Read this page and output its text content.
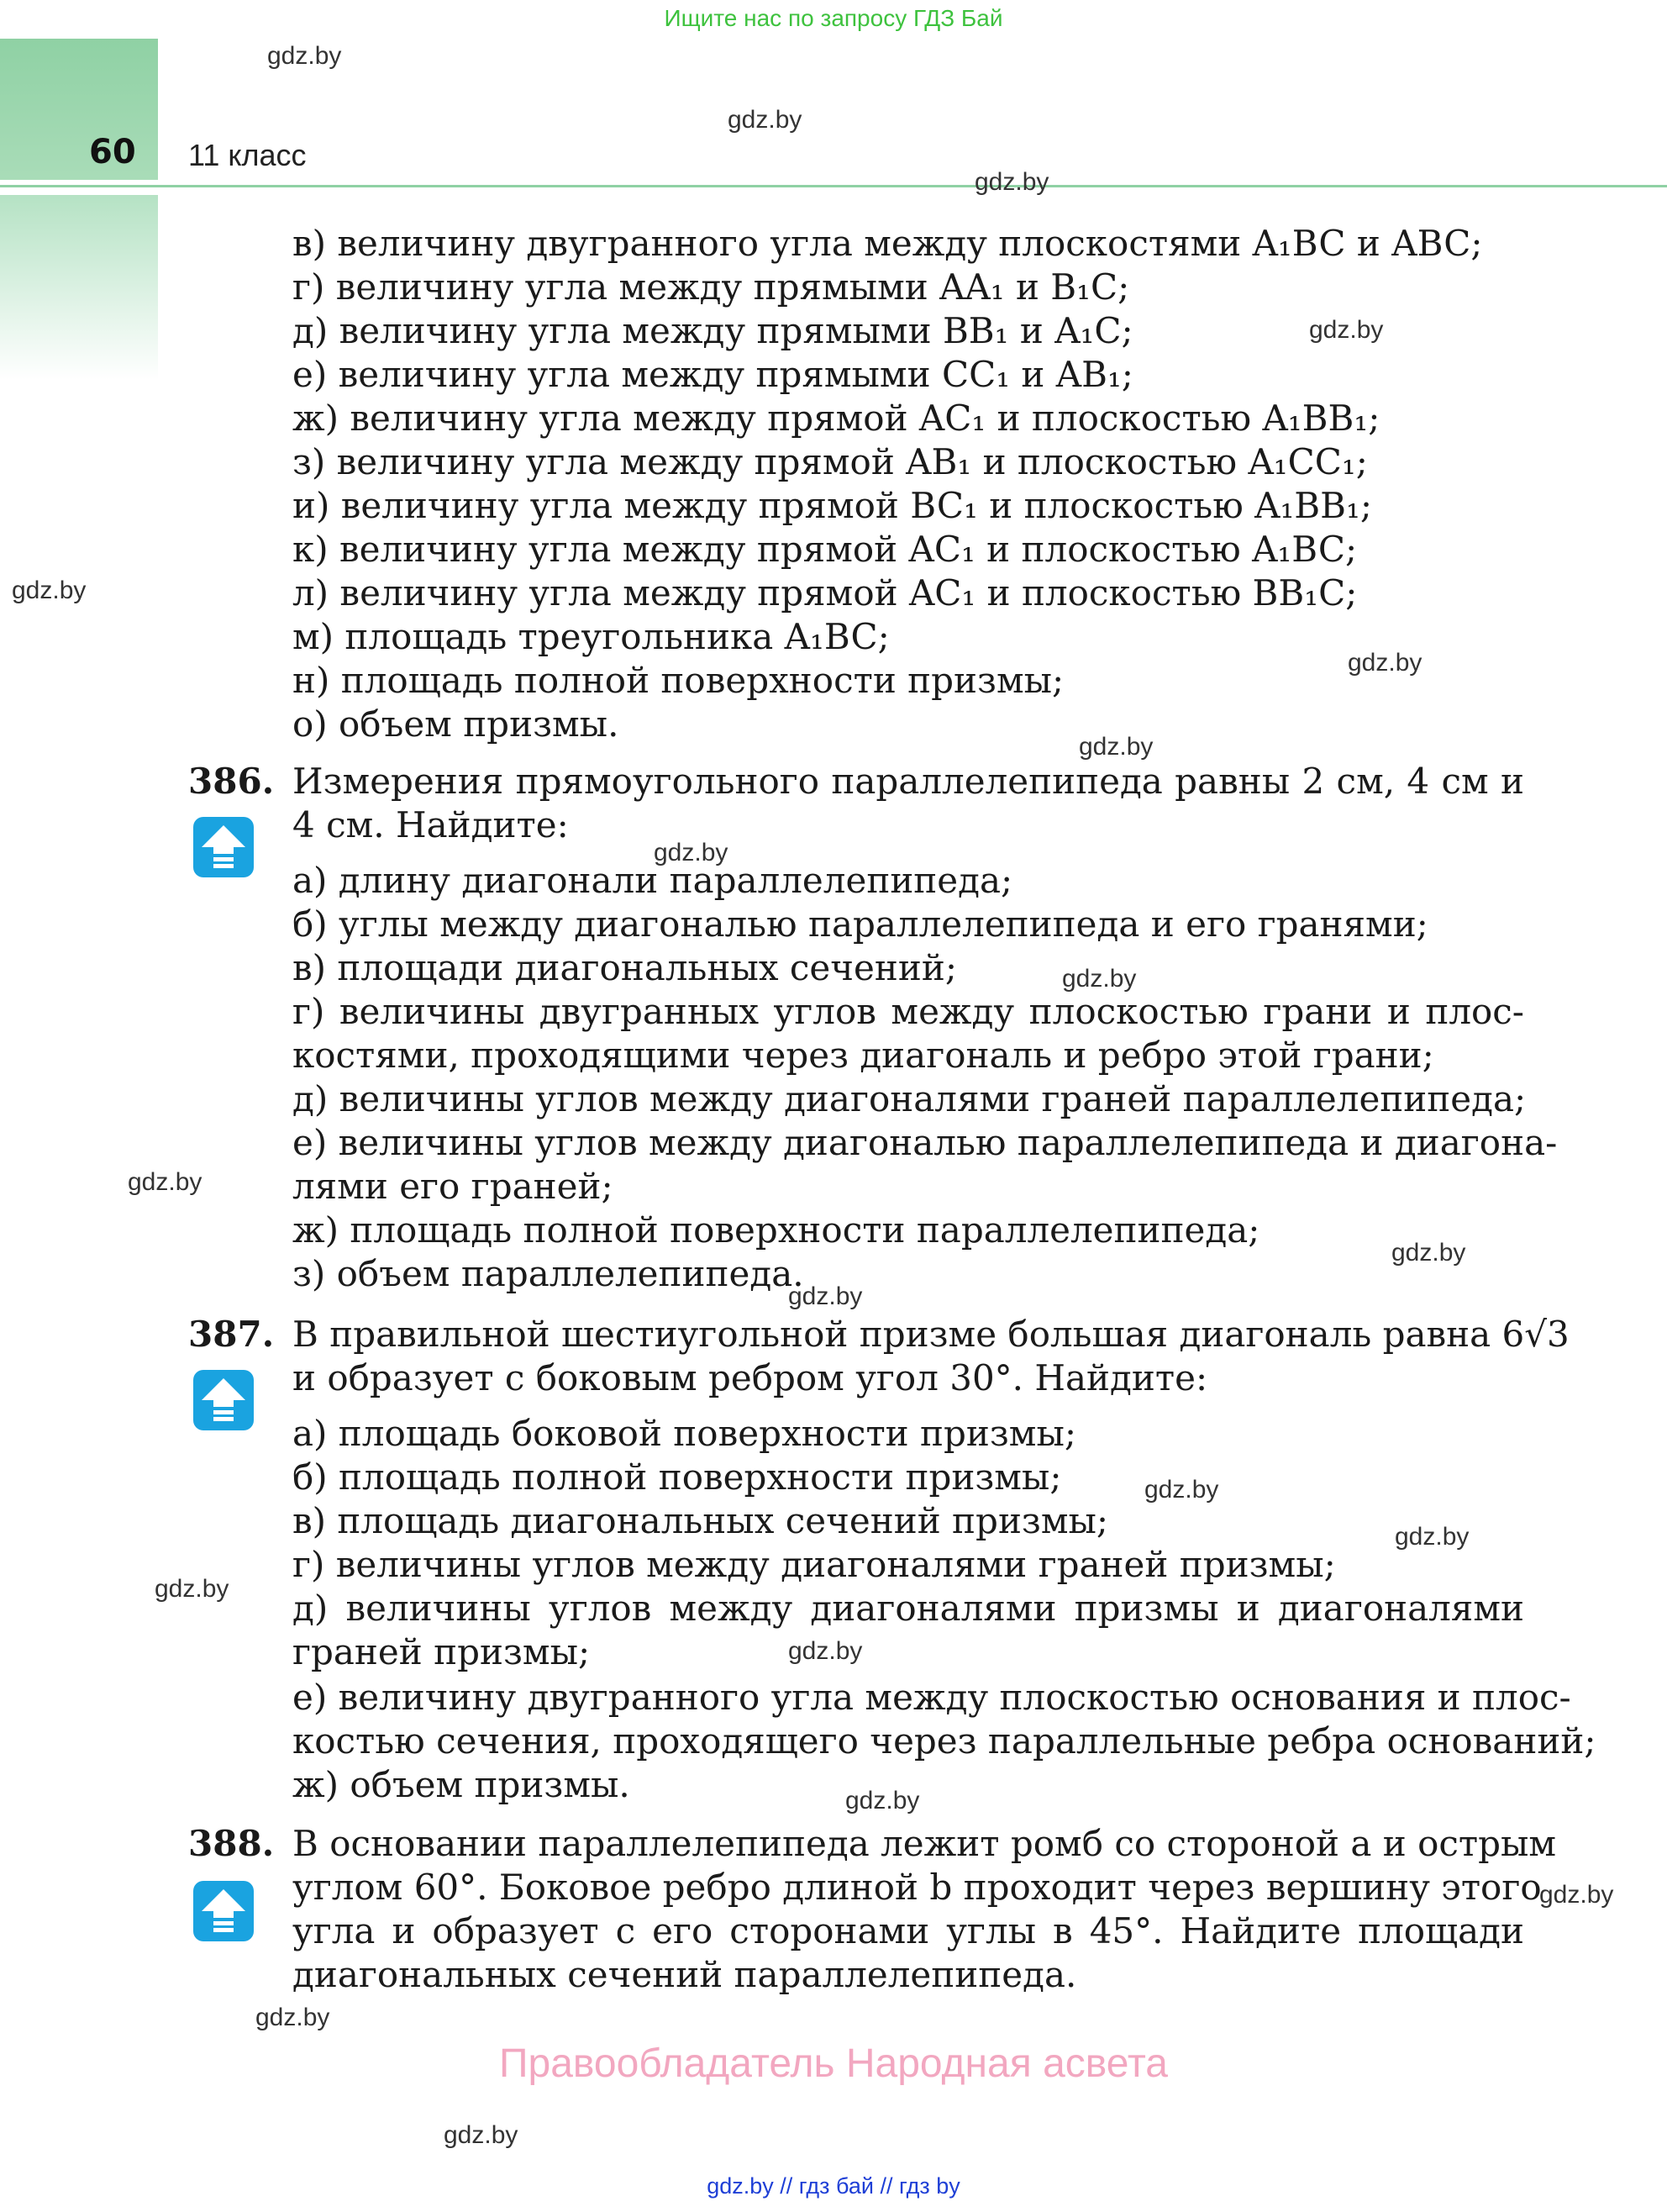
Ищите нас по запросу ГДЗ Бай
60 11 класс
gdz.by
gdz.by
gdz.by
gdz.by
gdz.by
gdz.by
gdz.by
gdz.by
gdz.by
gdz.by
gdz.by
gdz.by
gdz.by
gdz.by
gdz.by
gdz.by
gdz.by
gdz.by
gdz.by
gdz.by
в) величину двугранного угла между плоскостями A₁BC и ABC;
г) величину угла между прямыми AA₁ и B₁C;
д) величину угла между прямыми BB₁ и A₁C;
е) величину угла между прямыми CC₁ и AB₁;
ж) величину угла между прямой AC₁ и плоскостью A₁BB₁;
з) величину угла между прямой AB₁ и плоскостью A₁CC₁;
и) величину угла между прямой BC₁ и плоскостью A₁BB₁;
к) величину угла между прямой AC₁ и плоскостью A₁BC;
л) величину угла между прямой AC₁ и плоскостью BB₁C;
м) площадь треугольника A₁BC;
н) площадь полной поверхности призмы;
о) объем призмы.
386. Измерения прямоугольного параллелепипеда равны 2 см, 4 см и
4 см. Найдите:
а) длину диагонали параллелепипеда;
б) углы между диагональю параллелепипеда и его гранями;
в) площади диагональных сечений;
г) величины двугранных углов между плоскостью грани и плос-
костями, проходящими через диагональ и ребро этой грани;
д) величины углов между диагоналями граней параллелепипеда;
е) величины углов между диагональю параллелепипеда и диагона-
лями его граней;
ж) площадь полной поверхности параллелепипеда;
з) объем параллелепипеда.
387. В правильной шестиугольной призме большая диагональ равна 6√3
и образует с боковым ребром угол 30°. Найдите:
а) площадь боковой поверхности призмы;
б) площадь полной поверхности призмы;
в) площадь диагональных сечений призмы;
г) величины углов между диагоналями граней призмы;
д) величины углов между диагоналями призмы и диагоналями
граней призмы;
е) величину двугранного угла между плоскостью основания и плос-
костью сечения, проходящего через параллельные ребра оснований;
ж) объем призмы.
388. В основании параллелепипеда лежит ромб со стороной a и острым
углом 60°. Боковое ребро длиной b проходит через вершину этого
угла и образует с его сторонами углы в 45°. Найдите площади
диагональных сечений параллелепипеда.
Правообладатель Народная асвета
gdz.by // гдз бай // гдз by
